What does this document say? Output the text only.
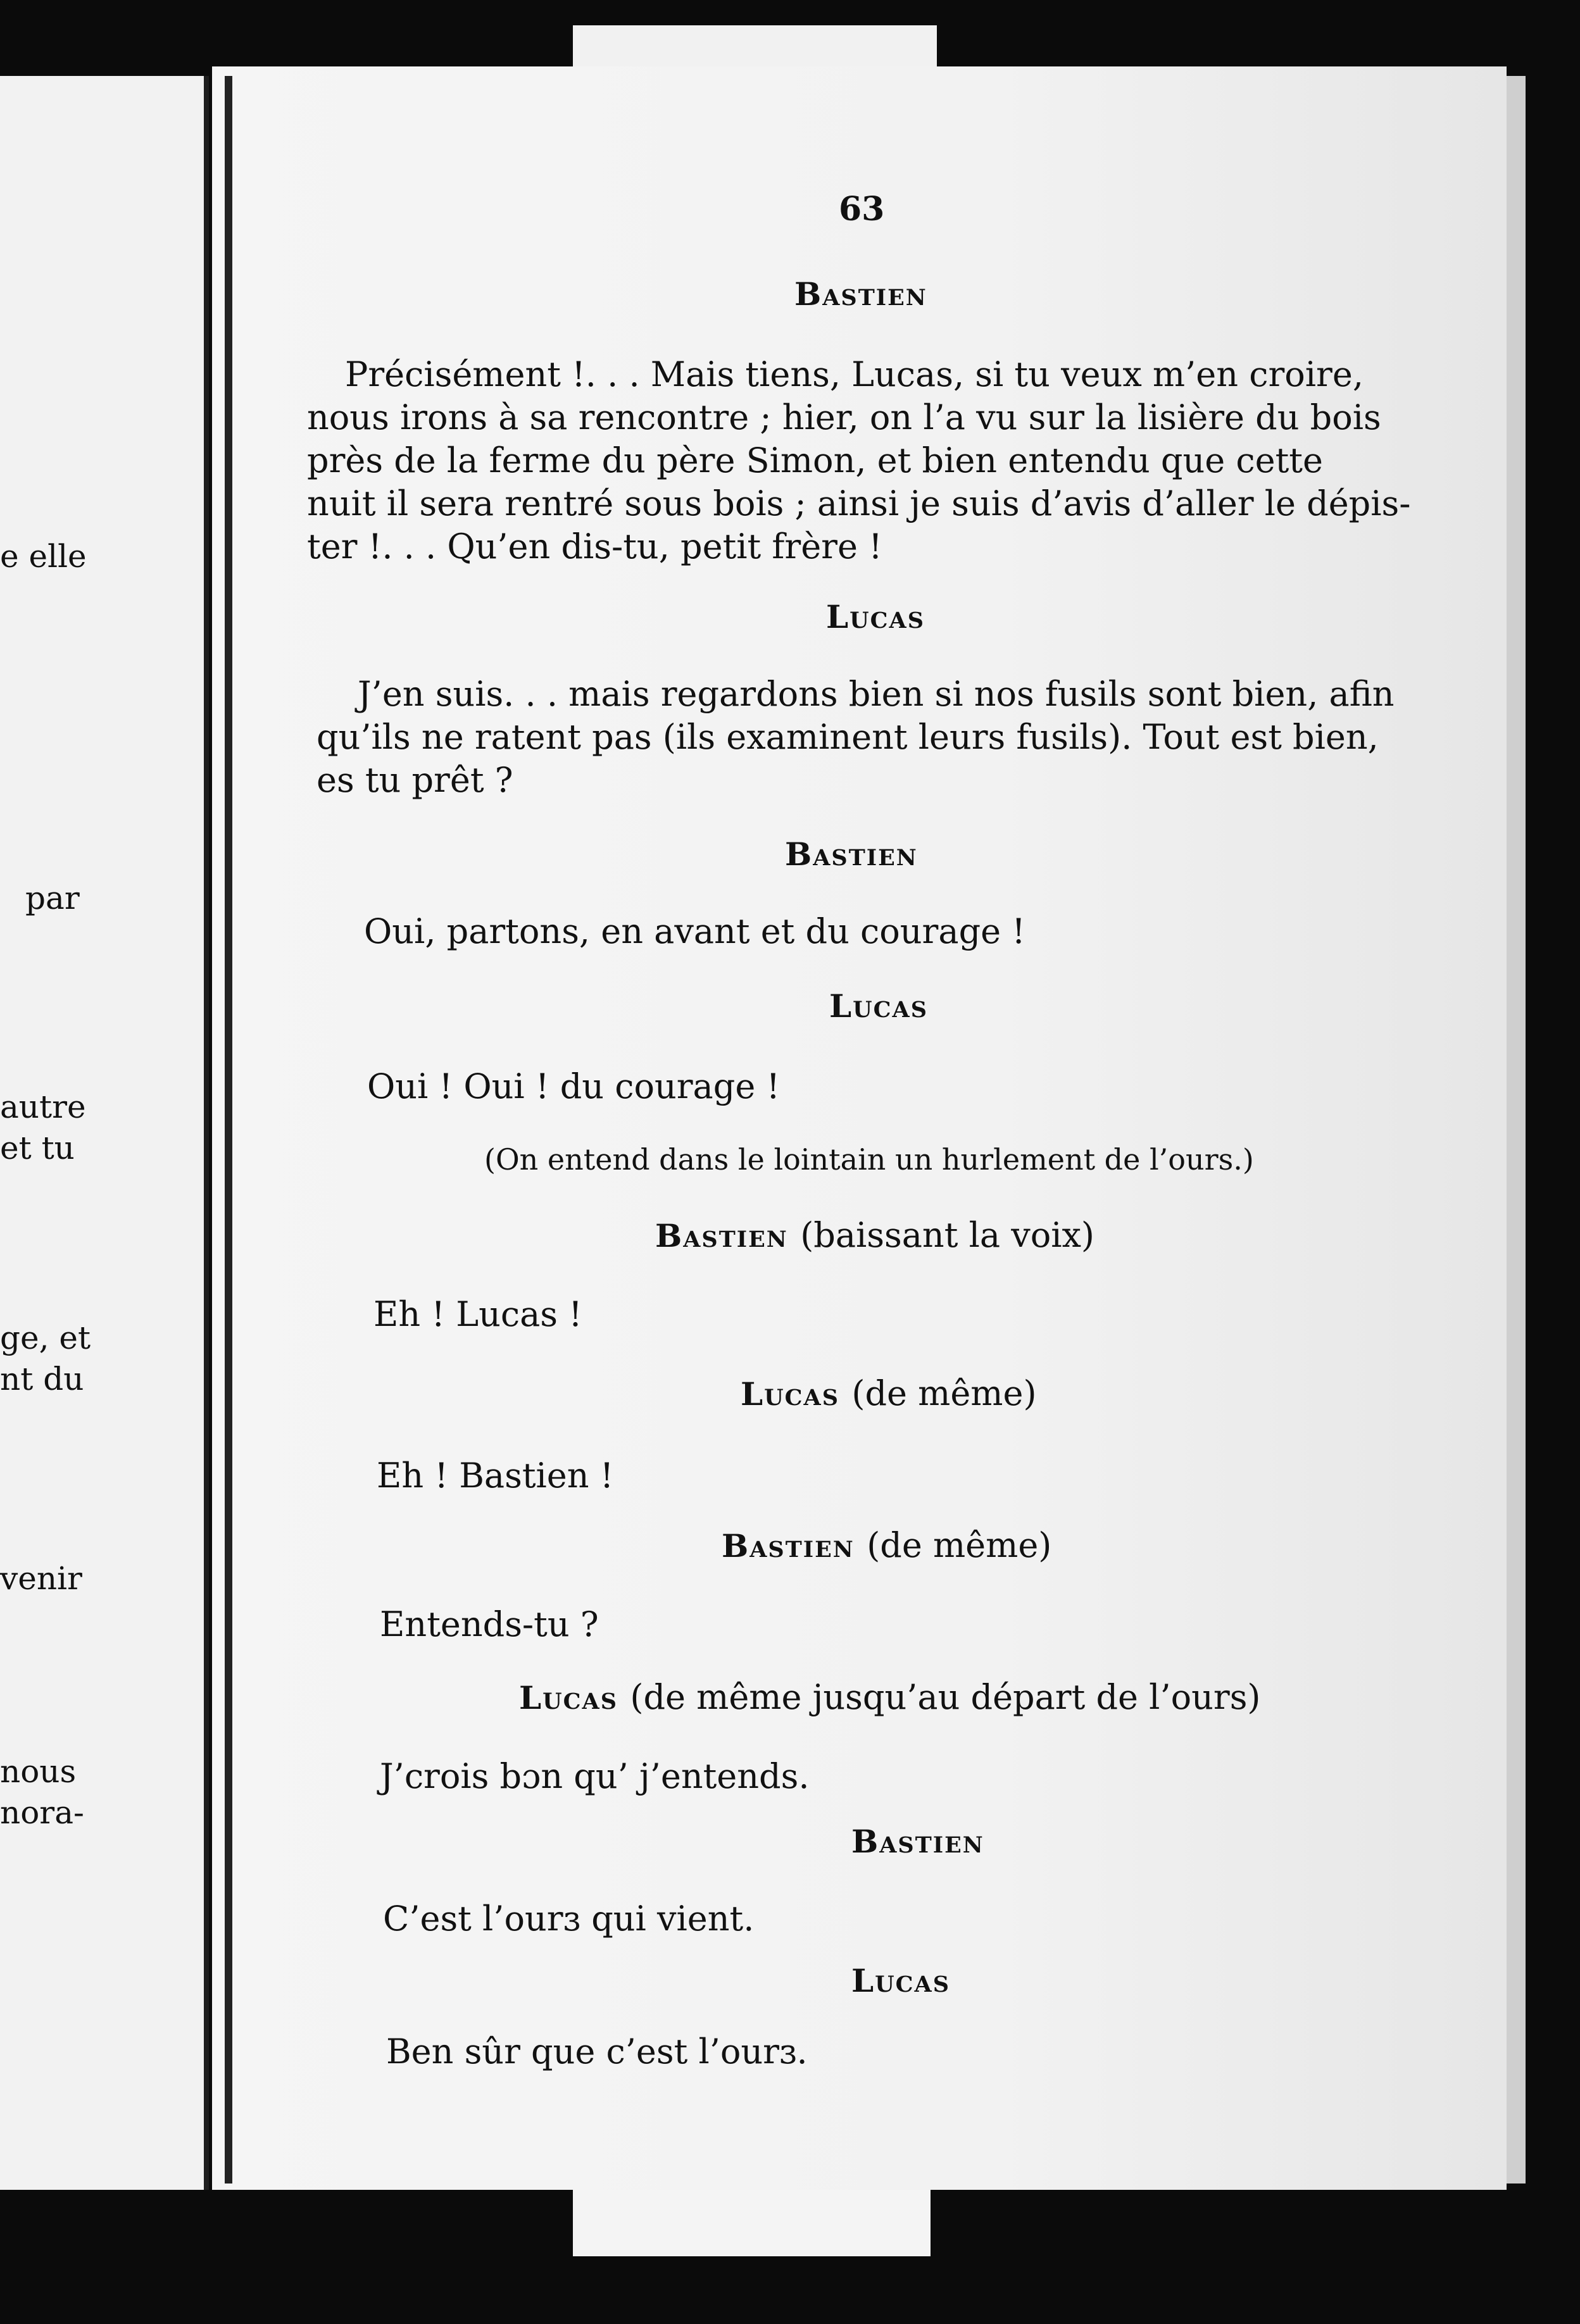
e elle
par
autre
et tu
ge, et
nt du
venir
nous
nora-
63
Bastien
Précisément !. . . Mais tiens, Lucas, si tu veux m’en croire,
nous irons à sa rencontre ; hier, on l’a vu sur la lisière du bois
près de la ferme du père Simon, et bien entendu que cette
nuit il sera rentré sous bois ; ainsi je suis d’avis d’aller le dépis-
ter !. . . Qu’en dis-tu, petit frère !
Lucas
J’en suis. . . mais regardons bien si nos fusils sont bien, afin
qu’ils ne ratent pas (ils examinent leurs fusils). Tout est bien,
es tu prêt ?
Bastien
Oui, partons, en avant et du courage !
Lucas
Oui ! Oui ! du courage !
(On entend dans le lointain un hurlement de l’ours.)
Bastien (baissant la voix)
Eh ! Lucas !
Lucas (de même)
Eh ! Bastien !
Bastien (de même)
Entends-tu ?
Lucas (de même jusqu’au départ de l’ours)
J’crois bɔn qu’ j’entends.
Bastien
C’est l’ourɜ qui vient.
Lucas
Ben sûr que c’est l’ourɜ.
